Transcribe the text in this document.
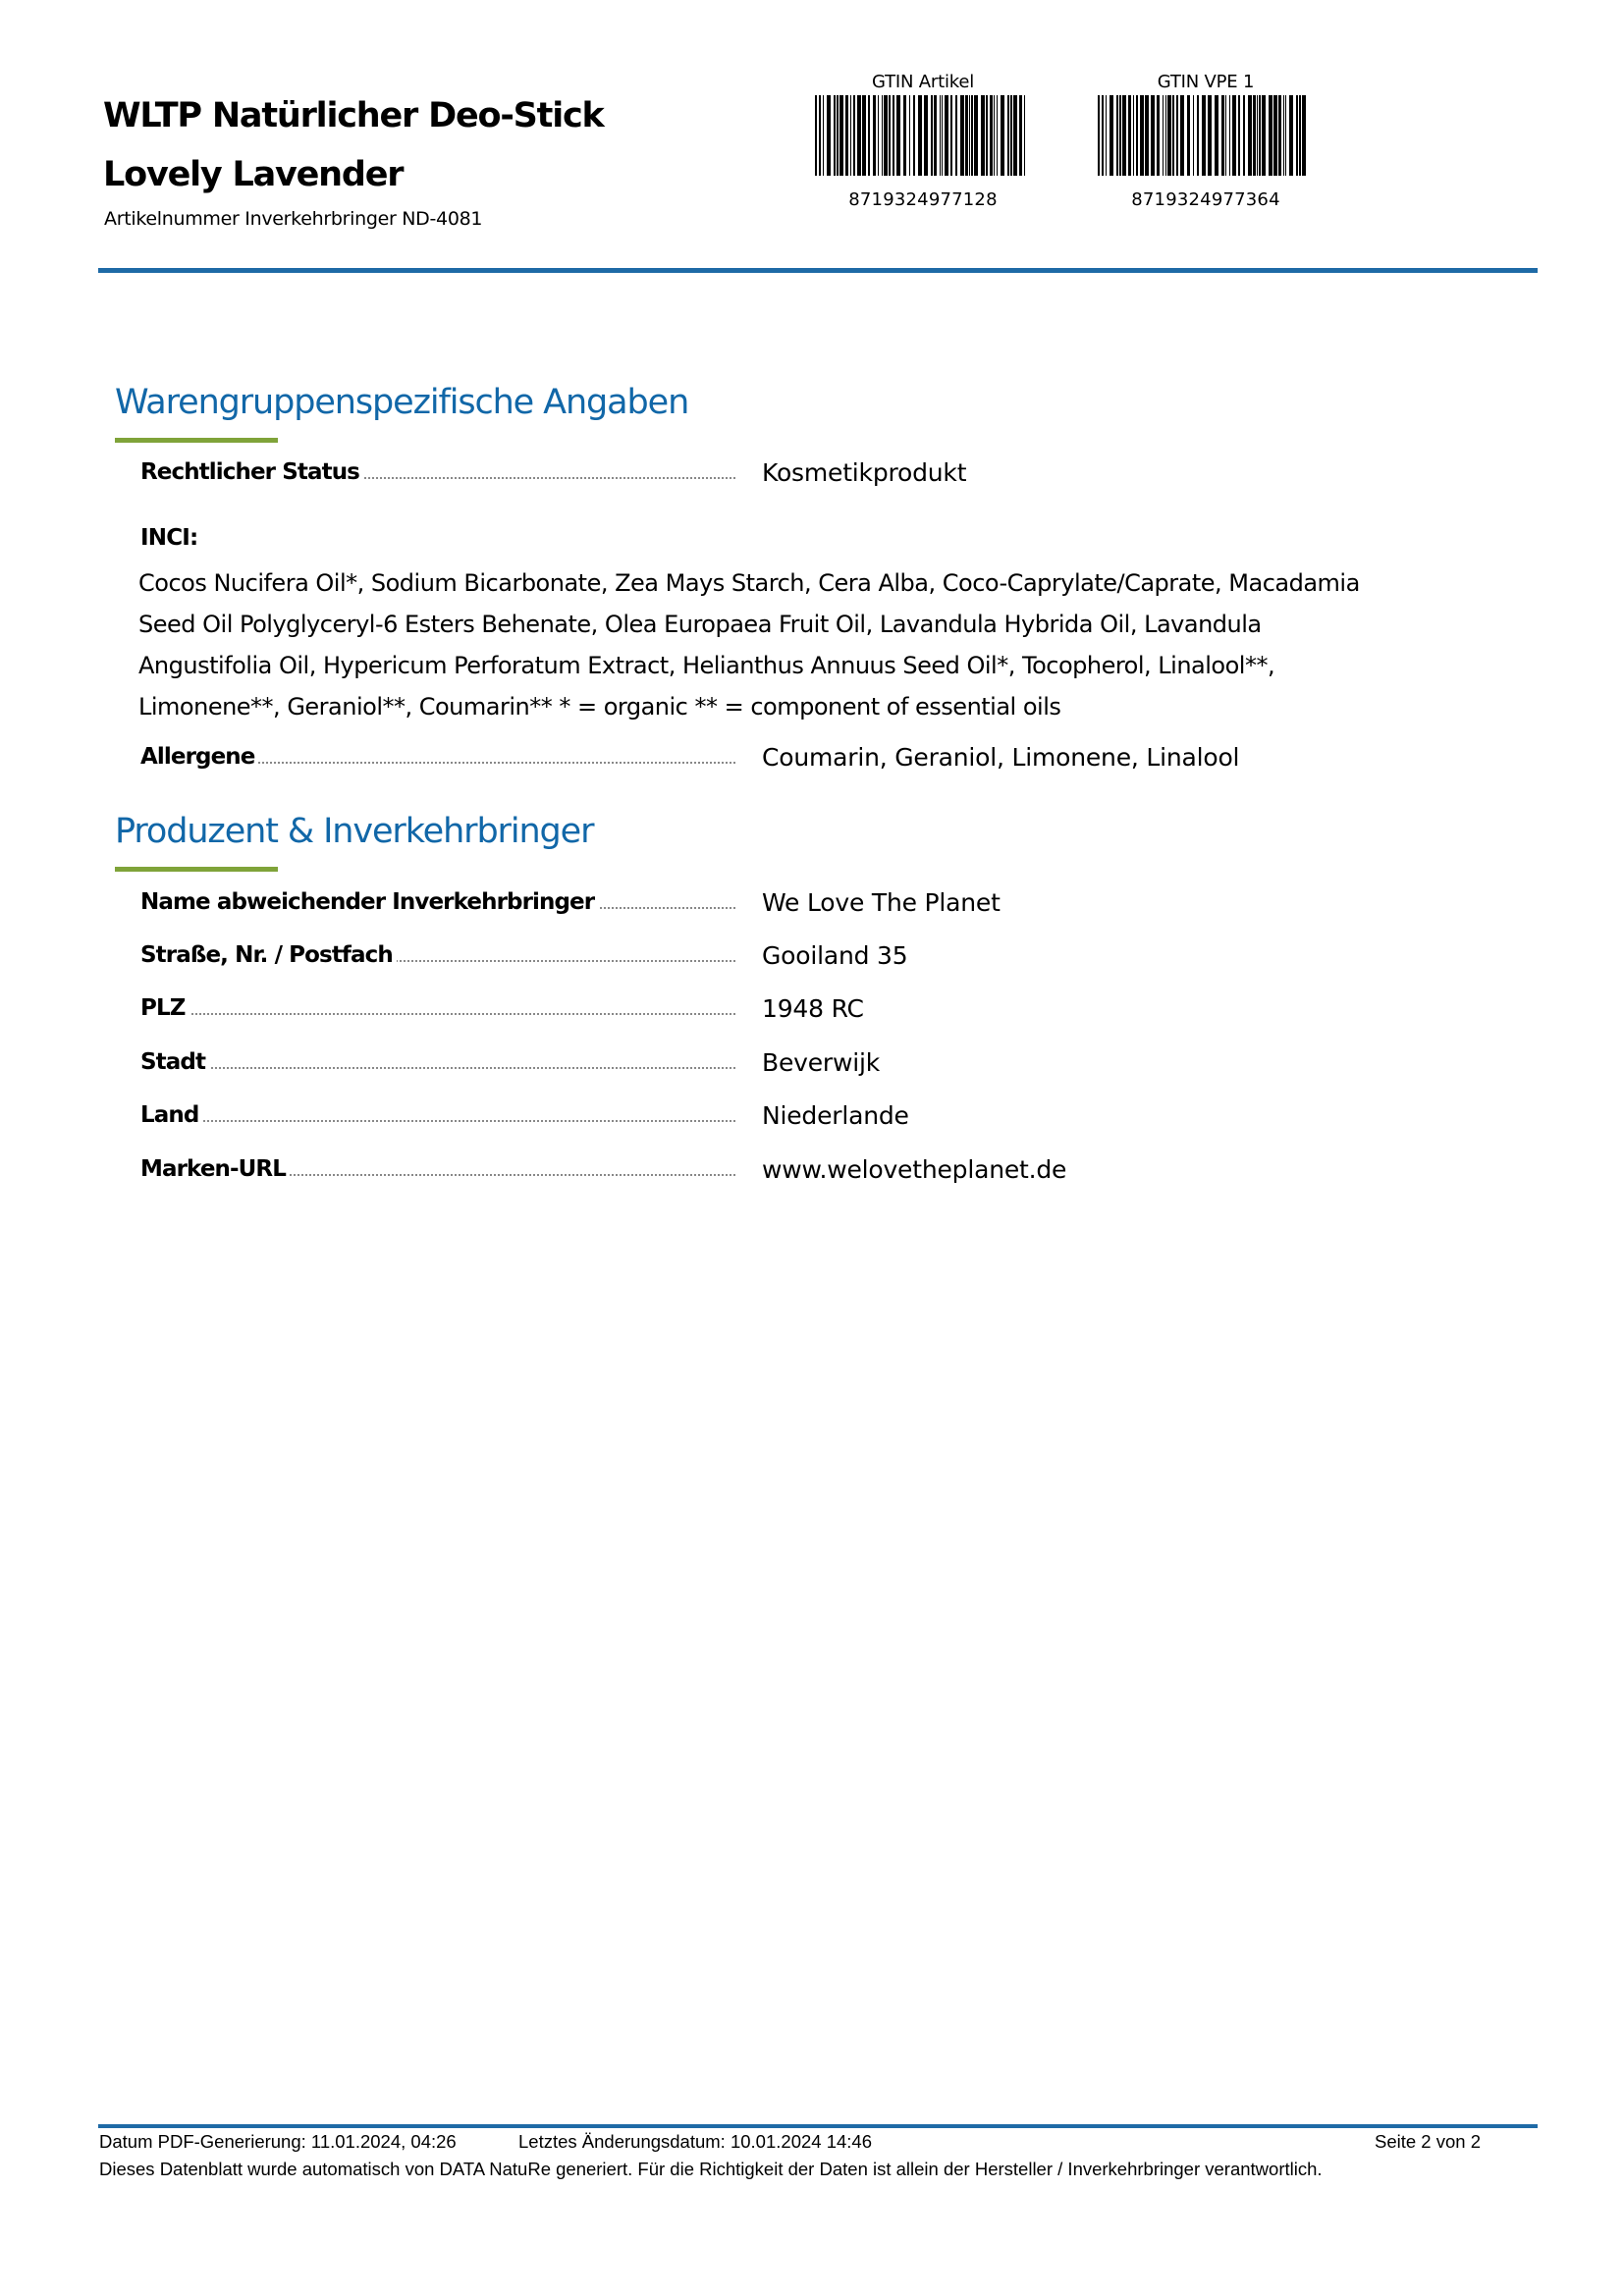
WLTP Natürlicher Deo-Stick Lovely Lavender
Artikelnummer Inverkehrbringer ND-4081
GTIN Artikel
8719324977128
GTIN VPE 1
8719324977364
Warengruppenspezifische Angaben
Rechtlicher Status	Kosmetikprodukt
INCI:
Cocos Nucifera Oil*, Sodium Bicarbonate, Zea Mays Starch, Cera Alba, Coco-Caprylate/Caprate, Macadamia Seed Oil Polyglyceryl-6 Esters Behenate, Olea Europaea Fruit Oil, Lavandula Hybrida Oil, Lavandula Angustifolia Oil, Hypericum Perforatum Extract, Helianthus Annuus Seed Oil*, Tocopherol, Linalool**, Limonene**, Geraniol**, Coumarin** * = organic ** = component of essential oils
Allergene	Coumarin, Geraniol, Limonene, Linalool
Produzent & Inverkehrbringer
Name abweichender Inverkehrbringer	We Love The Planet
Straße, Nr. / Postfach	Gooiland 35
PLZ	1948 RC
Stadt	Beverwijk
Land	Niederlande
Marken-URL	www.welovetheplanet.de
Datum PDF-Generierung: 11.01.2024, 04:26	Letztes Änderungsdatum: 10.01.2024 14:46	Seite 2 von 2
Dieses Datenblatt wurde automatisch von DATA NatuRe generiert. Für die Richtigkeit der Daten ist allein der Hersteller / Inverkehrbringer verantwortlich.
